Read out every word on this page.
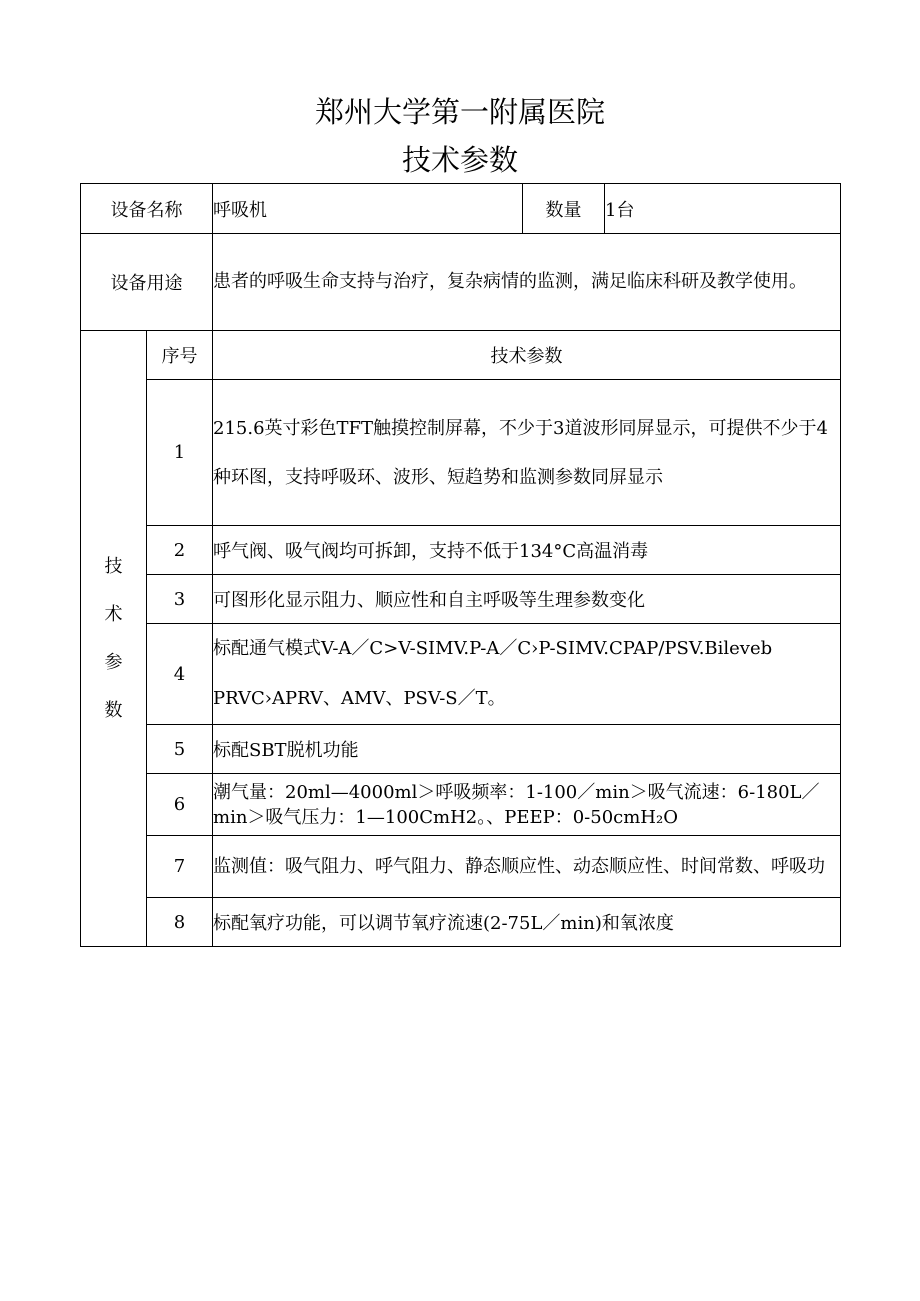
郑州大学第一附属医院
技术参数
设备名称		呼吸机	数量	1台
设备用途		患者的呼吸生命支持与治疗，复杂病情的监测，满足临床科研及教学使用。		

技
术
参
数	序号	技术参数		
	1	215.6英寸彩色TFT触摸控制屏幕，不少于3道波形同屏显示，可提供不少于4种环图，支持呼吸环、波形、短趋势和监测参数同屏显示		
	2	呼气阀、吸气阀均可拆卸，支持不低于134°C高温消毒		
	3	可图形化显示阻力、顺应性和自主呼吸等生理参数变化		
	4	标配通气模式V-A／C>V-SIMV.P-A／C›P-SIMV.CPAP/PSV.Bileveb PRVC›APRV、AMV、PSV-S／T。		
	5	标配SBT脱机功能		
	6	潮气量：20ml—4000ml＞呼吸频率：1-100／min＞吸气流速：6-180L／min＞吸气压力：1—100CmH2。、PEEP：0-50cmH₂O		
	7	监测值：吸气阻力、呼气阻力、静态顺应性、动态顺应性、时间常数、呼吸功		
	8	标配氧疗功能，可以调节氧疗流速(2-75L／min)和氧浓度		
